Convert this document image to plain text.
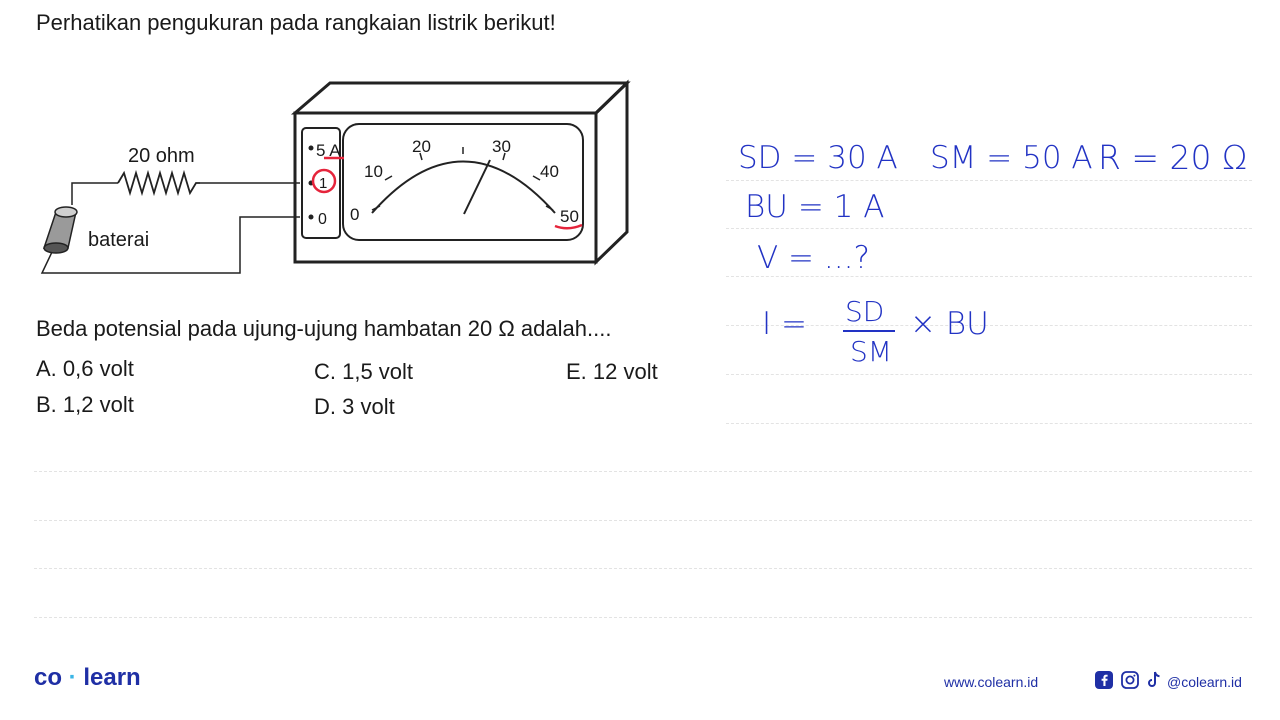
Perhatikan pengukuran pada rangkaian listrik berikut!
20 ohm
baterai
5 A
1
0 0
10
20	30
40
50
Beda potensial pada ujung-ujung hambatan 20 Ω adalah....
A. 0,6 volt
B. 1,2 volt
C. 1,5 volt
D. 3 volt
E. 12 volt
SD = 30 A SM = 50 A R = 20 Ω
BU = 1 A
V = ...?
I = SD
SM
× BU
co · learn	www.colearn.id	@colearn.id
